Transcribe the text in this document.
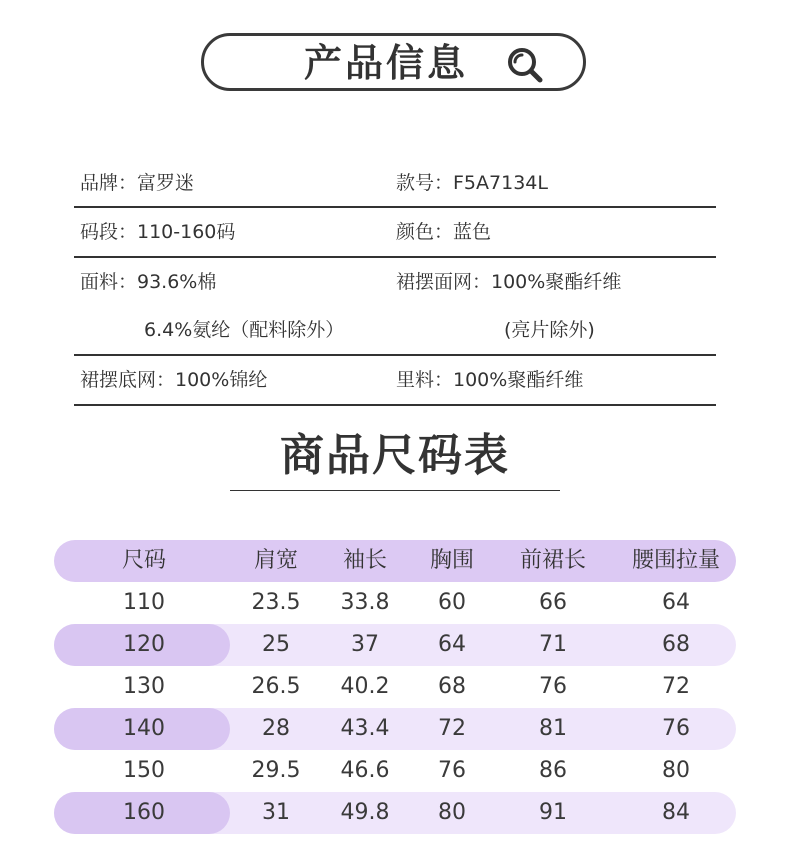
产品信息
品牌：富罗迷	款号：F5A7134L
码段：110-160码	颜色：蓝色
面料：93.6%棉
6.4%氨纶（配料除外）
裙摆面网：100%聚酯纤维
(亮片除外)
裙摆底网：100%锦纶	里料：100%聚酯纤维
商品尺码表
尺码	肩宽 袖长 胸围 前裙长 腰围拉量
110	23.5 33.8 60	66	64
120	25	37	64	71	68
130	26.5 40.2 68	76	72
140	28 43.4 72	81	76
150	29.5 46.6 76	86	80
160	31 49.8 80	91	84
